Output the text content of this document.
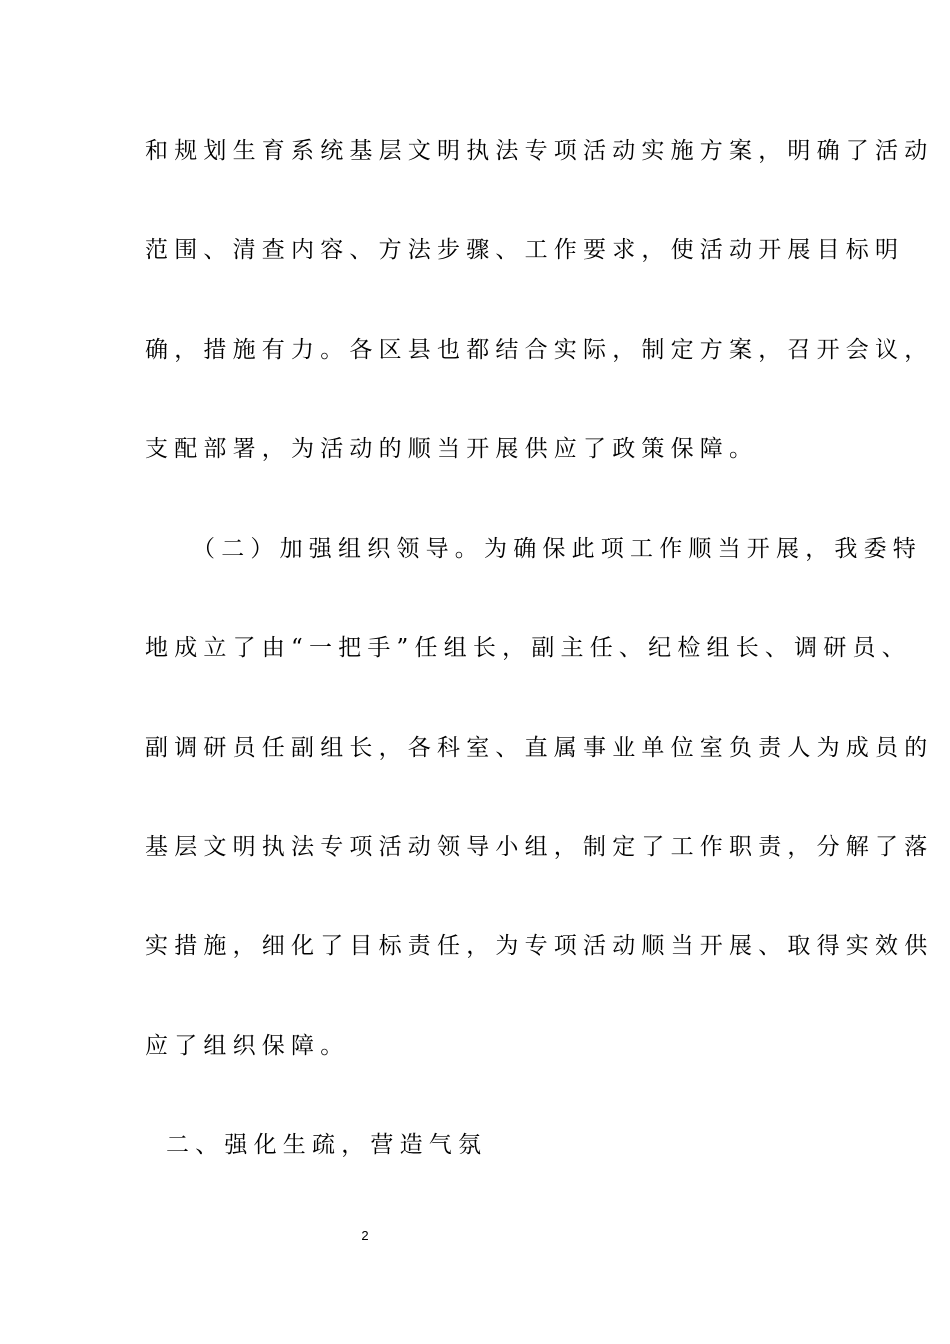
和规划生育系统基层文明执法专项活动实施方案，明确了活动
范围、清查内容、方法步骤、工作要求，使活动开展目标明
确，措施有力。各区县也都结合实际，制定方案，召开会议，
支配部署，为活动的顺当开展供应了政策保障。
（二）加强组织领导。为确保此项工作顺当开展，我委特
地成立了由“一把手”任组长，副主任、纪检组长、调研员、
副调研员任副组长，各科室、直属事业单位室负责人为成员的
基层文明执法专项活动领导小组，制定了工作职责，分解了落
实措施，细化了目标责任，为专项活动顺当开展、取得实效供
应了组织保障。
二、强化生疏，营造气氛
2
